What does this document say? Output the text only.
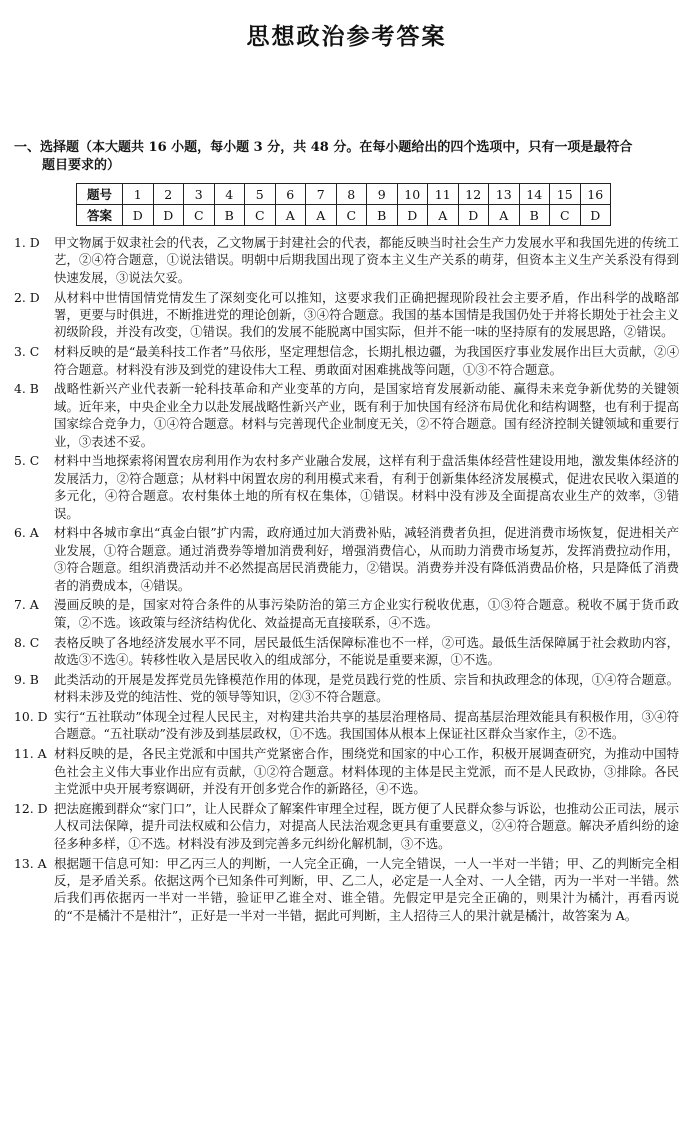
思想政治参考答案
一、选择题（本大题共 16 小题，每小题 3 分，共 48 分。在每小题给出的四个选项中，只有一项是最符合
题目要求的）
题号	1	2	3	4	5	6	7	8	9	10	11	12	13	14	15	16
答案	D	D	C	B	C	A	A	C	B	D	A	D	A	B	C	D
1. D	甲文物属于奴隶社会的代表，乙文物属于封建社会的代表，都能反映当时社会生产力发展水平和我国先进的传统工艺，②④符合题意，①说法错误。明朝中后期我国出现了资本主义生产关系的萌芽，但资本主义生产关系没有得到快速发展，③说法欠妥。
2. D	从材料中世情国情党情发生了深刻变化可以推知，这要求我们正确把握现阶段社会主要矛盾，作出科学的战略部署，更要与时俱进，不断推进党的理论创新，③④符合题意。我国的基本国情是我国仍处于并将长期处于社会主义初级阶段，并没有改变，①错误。我们的发展不能脱离中国实际，但并不能一味的坚持原有的发展思路，②错误。
3. C	材料反映的是“最美科技工作者”马依彤，坚定理想信念，长期扎根边疆，为我国医疗事业发展作出巨大贡献，②④符合题意。材料没有涉及到党的建设伟大工程、勇敢面对困难挑战等问题，①③不符合题意。
4. B	战略性新兴产业代表新一轮科技革命和产业变革的方向，是国家培育发展新动能、赢得未来竞争新优势的关键领域。近年来，中央企业全力以赴发展战略性新兴产业，既有利于加快国有经济布局优化和结构调整，也有利于提高国家综合竞争力，①④符合题意。材料与完善现代企业制度无关，②不符合题意。国有经济控制关键领域和重要行业，③表述不妥。
5. C	材料中当地探索将闲置农房利用作为农村多产业融合发展，这样有利于盘活集体经营性建设用地，激发集体经济的发展活力，②符合题意；从材料中闲置农房的利用模式来看，有利于创新集体经济发展模式，促进农民收入渠道的多元化，④符合题意。农村集体土地的所有权在集体，①错误。材料中没有涉及全面提高农业生产的效率，③错误。
6. A	材料中各城市拿出“真金白银”扩内需，政府通过加大消费补贴，减轻消费者负担，促进消费市场恢复，促进相关产业发展，①符合题意。通过消费券等增加消费利好，增强消费信心，从而助力消费市场复苏，发挥消费拉动作用，③符合题意。组织消费活动并不必然提高居民消费能力，②错误。消费券并没有降低消费品价格，只是降低了消费者的消费成本，④错误。
7. A	漫画反映的是，国家对符合条件的从事污染防治的第三方企业实行税收优惠，①③符合题意。税收不属于货币政策，②不选。该政策与经济结构优化、效益提高无直接联系，④不选。
8. C	表格反映了各地经济发展水平不同，居民最低生活保障标准也不一样，②可选。最低生活保障属于社会救助内容，故选③不选④。转移性收入是居民收入的组成部分，不能说是重要来源，①不选。
9. B	此类活动的开展是发挥党员先锋模范作用的体现，是党员践行党的性质、宗旨和执政理念的体现，①④符合题意。材料未涉及党的纯洁性、党的领导等知识，②③不符合题意。
10. D 实行“五社联动”体现全过程人民民主，对构建共治共享的基层治理格局、提高基层治理效能具有积极作用，③④符合题意。“五社联动”没有涉及到基层政权，①不选。我国国体从根本上保证社区群众当家作主，②不选。
11. A 材料反映的是，各民主党派和中国共产党紧密合作，围绕党和国家的中心工作，积极开展调查研究，为推动中国特色社会主义伟大事业作出应有贡献，①②符合题意。材料体现的主体是民主党派，而不是人民政协，③排除。各民主党派中央开展考察调研，并没有开创多党合作的新路径，④不选。
12. D 把法庭搬到群众“家门口”，让人民群众了解案件审理全过程，既方便了人民群众参与诉讼，也推动公正司法，展示人权司法保障，提升司法权威和公信力，对提高人民法治观念更具有重要意义，②④符合题意。解决矛盾纠纷的途径多种多样，①不选。材料没有涉及到完善多元纠纷化解机制，③不选。
13. A 根据题干信息可知：甲乙丙三人的判断，一人完全正确，一人完全错误，一人一半对一半错；甲、乙的判断完全相反，是矛盾关系。依据这两个已知条件可判断，甲、乙二人，必定是一人全对、一人全错，丙为一半对一半错。然后我们再依据丙一半对一半错，验证甲乙谁全对、谁全错。先假定甲是完全正确的，则果汁为橘汁，再看丙说的“不是橘汁不是柑汁”，正好是一半对一半错，据此可判断，主人招待三人的果汁就是橘汁，故答案为 A。
